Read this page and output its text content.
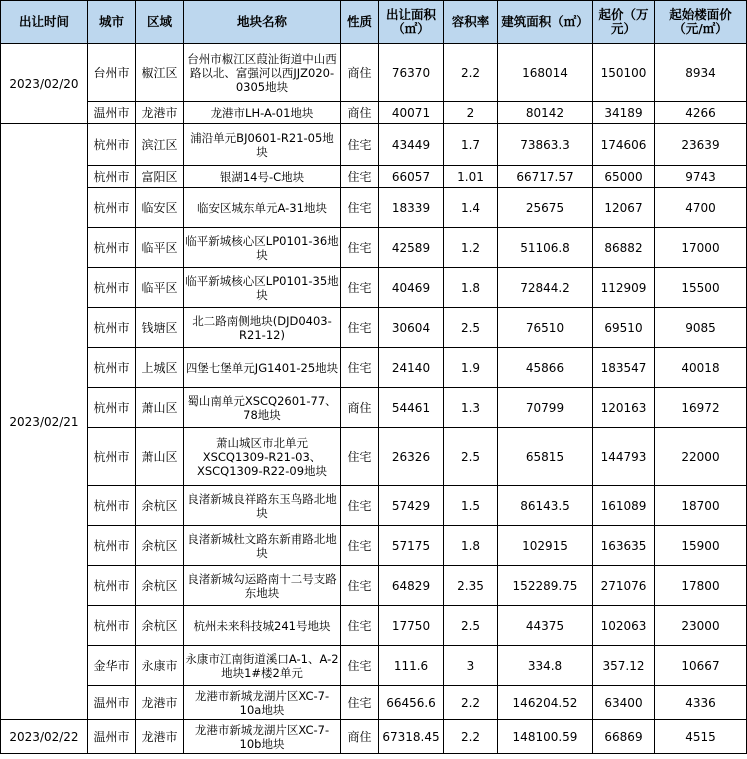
出让时间	城市	区域	地块名称	性质	出让面积（㎡）	容积率	建筑面积（㎡）	起价（万元）	起始楼面价（元/㎡）
2023/02/20	台州市	椒江区	台州市椒江区葭沚街道中山西路以北、富强河以西JJZ020-0305地块	商住	76370	2.2	168014	150100	8934
	温州市	龙港市	龙港市LH-A-01地块	商住	40071	2	80142	34189	4266
2023/02/21	杭州市	滨江区	浦沿单元BJ0601-R21-05地块	住宅	43449	1.7	73863.3	174606	23639
	杭州市	富阳区	银湖14号-C地块	住宅	66057	1.01	66717.57	65000	9743
	杭州市	临安区	临安区城东单元A-31地块	住宅	18339	1.4	25675	12067	4700
	杭州市	临平区	临平新城核心区LP0101-36地块	住宅	42589	1.2	51106.8	86882	17000
	杭州市	临平区	临平新城核心区LP0101-35地块	住宅	40469	1.8	72844.2	112909	15500
	杭州市	钱塘区	北二路南侧地块(DJD0403-R21-12)	住宅	30604	2.5	76510	69510	9085
	杭州市	上城区	四堡七堡单元JG1401-25地块	住宅	24140	1.9	45866	183547	40018
	杭州市	萧山区	蜀山南单元XSCQ2601-77、78地块	商住	54461	1.3	70799	120163	16972
	杭州市	萧山区	萧山城区市北单元XSCQ1309-R21-03、XSCQ1309-R22-09地块	住宅	26326	2.5	65815	144793	22000
	杭州市	余杭区	良渚新城良祥路东玉鸟路北地块	住宅	57429	1.5	86143.5	161089	18700
	杭州市	余杭区	良渚新城杜文路东新甫路北地块	住宅	57175	1.8	102915	163635	15900
	杭州市	余杭区	良渚新城勾运路南十二号支路东地块	住宅	64829	2.35	152289.75	271076	17800
	杭州市	余杭区	杭州未来科技城241号地块	住宅	17750	2.5	44375	102063	23000
	金华市	永康市	永康市江南街道溪口A-1、A-2地块1#楼2单元	住宅	111.6	3	334.8	357.12	10667
	温州市	龙港市	龙港市新城龙湖片区XC-7-10a地块	住宅	66456.6	2.2	146204.52	63400	4336
2023/02/22	温州市	龙港市	龙港市新城龙湖片区XC-7-10b地块	商住	67318.45	2.2	148100.59	66869	4515
